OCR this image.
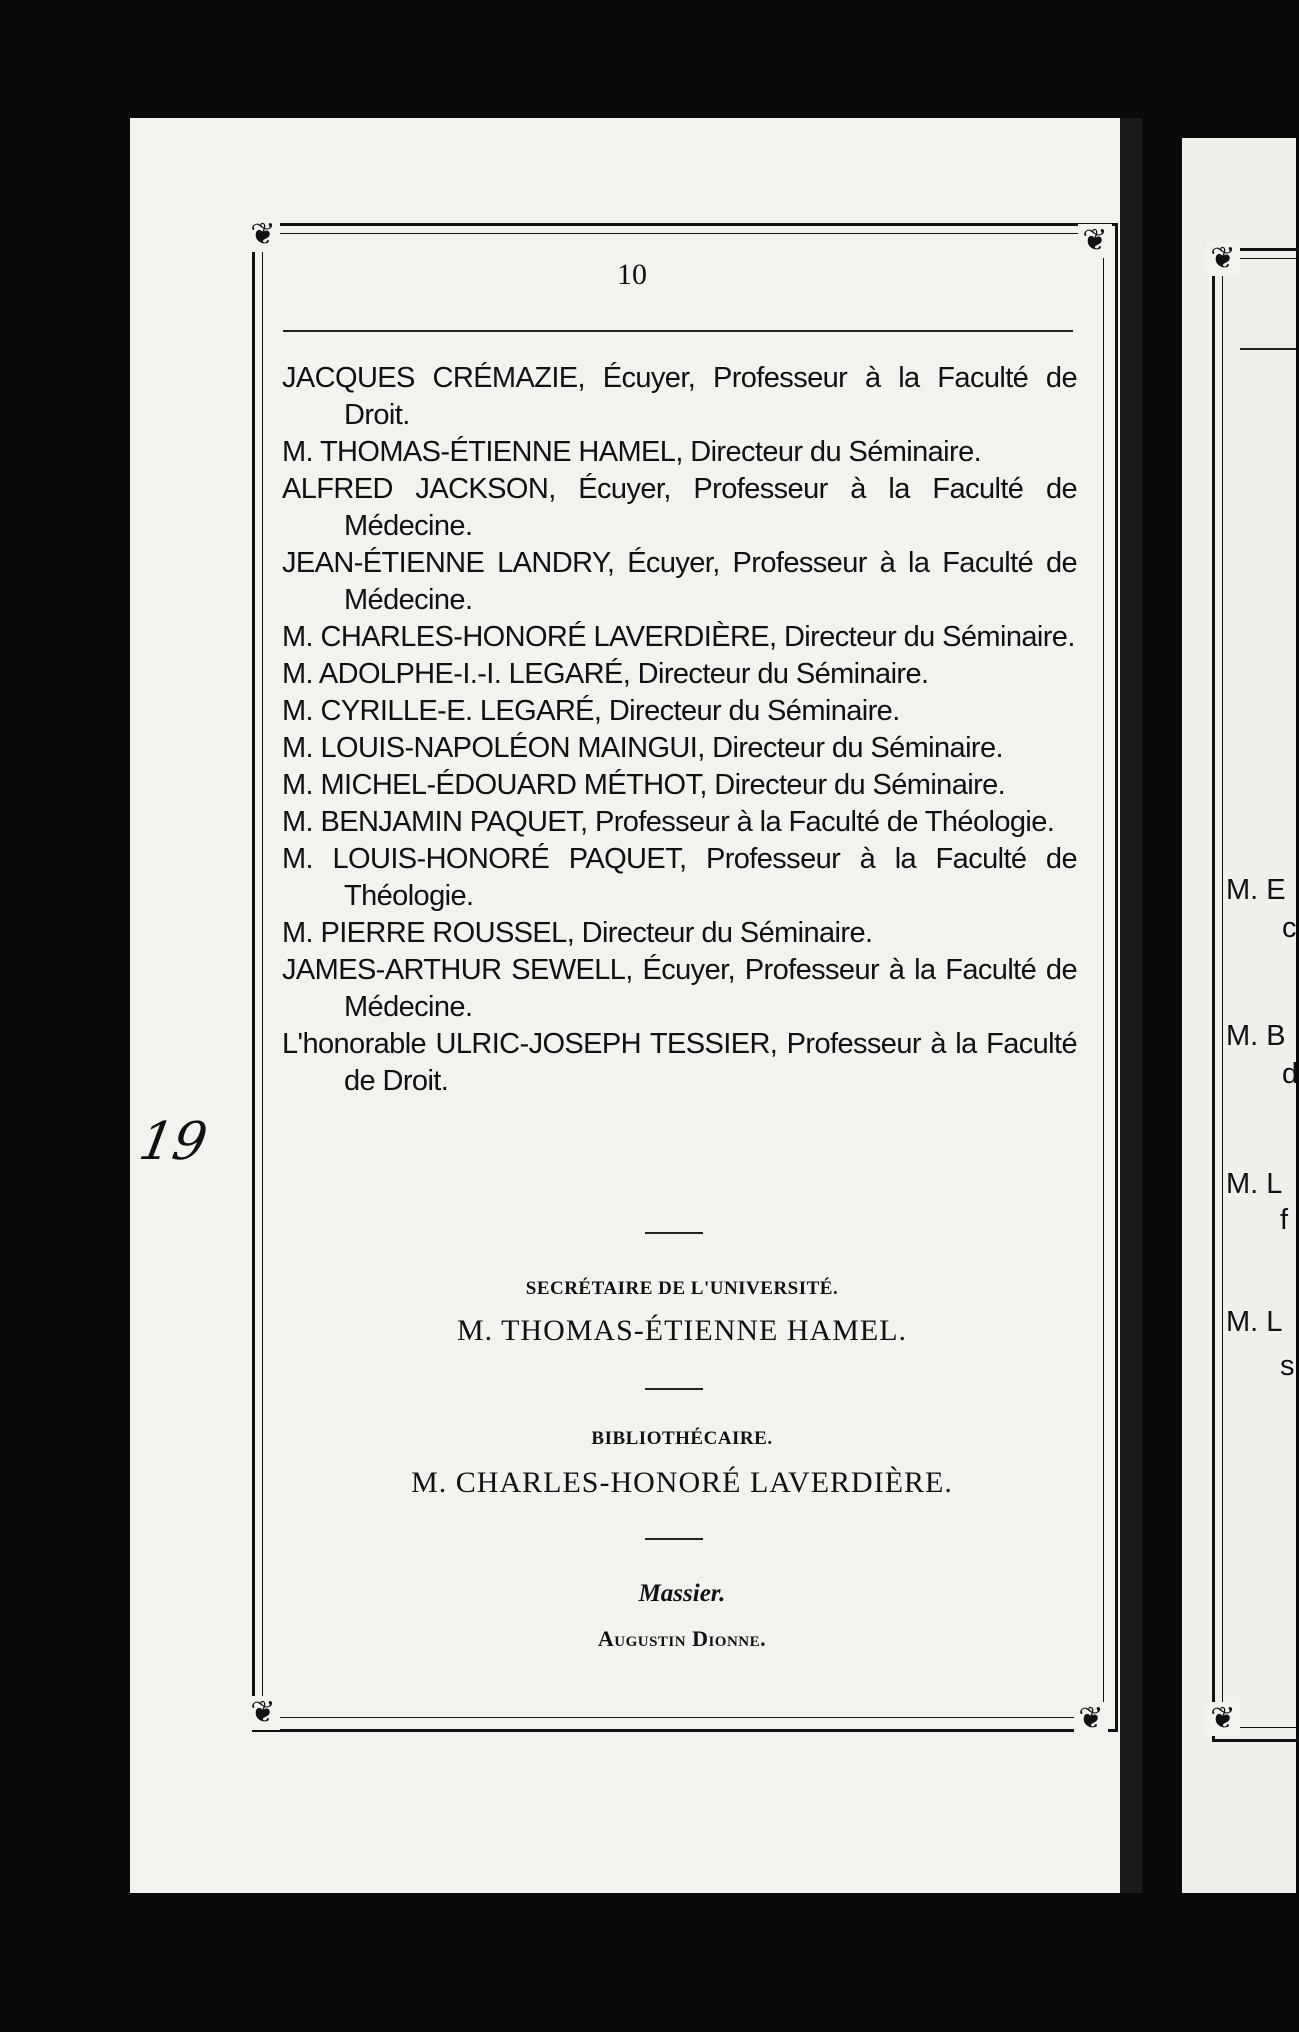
❦	❦
❦	❦
10

JACQUES CRÉMAZIE, Écuyer, Professeur à la Faculté de Droit.

M. THOMAS-ÉTIENNE HAMEL, Directeur du Séminaire.

ALFRED JACKSON, Écuyer, Professeur à la Faculté de Médecine.

JEAN-ÉTIENNE LANDRY, Écuyer, Professeur à la Faculté de Médecine.

M. CHARLES-HONORÉ LAVERDIÈRE, Directeur du Séminaire.

M. ADOLPHE-I.-I. LEGARÉ, Directeur du Séminaire.

M. CYRILLE-E. LEGARÉ, Directeur du Séminaire.

M. LOUIS-NAPOLÉON MAINGUI, Directeur du Séminaire.

M. MICHEL-ÉDOUARD MÉTHOT, Directeur du Séminaire.

M. BENJAMIN PAQUET, Professeur à la Faculté de Théologie.

M. LOUIS-HONORÉ PAQUET, Professeur à la Faculté de Théologie.

M. PIERRE ROUSSEL, Directeur du Séminaire.

JAMES-ARTHUR SEWELL, Écuyer, Professeur à la Faculté de Médecine.

L'honorable ULRIC-JOSEPH TESSIER, Professeur à la Faculté de Droit.

19
SECRÉTAIRE DE L'UNIVERSITÉ.
M. THOMAS-ÉTIENNE HAMEL.
BIBLIOTHÉCAIRE.
M. CHARLES-HONORÉ LAVERDIÈRE.
Massier.
Augustin Dionne.
❦
❦
M. E
c
M. B
d
M. L
f
M. L
s
